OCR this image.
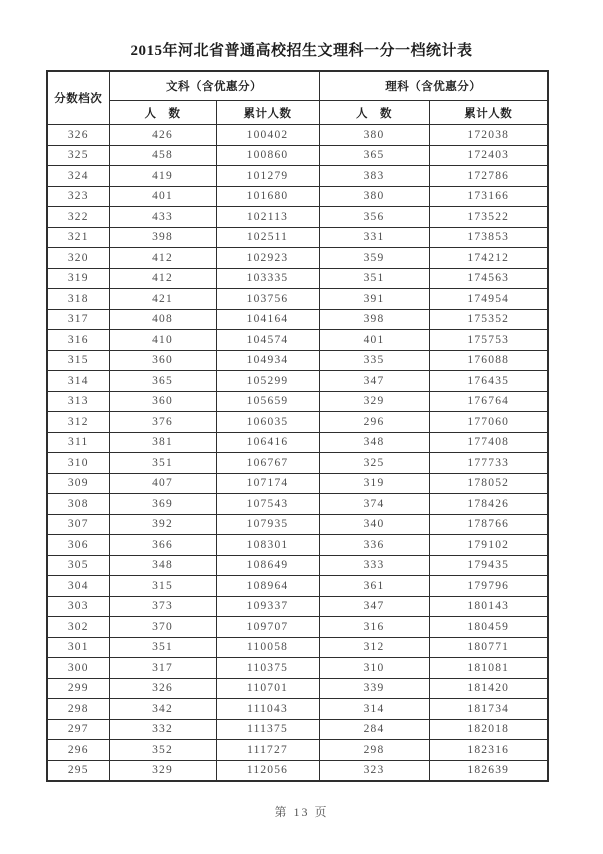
2015年河北省普通高校招生文理科一分一档统计表
分数档次	文科（含优惠分）		理科（含优惠分）	
	人　数	累计人数	人　数	累计人数
326	426	100402	380	172038
325	458	100860	365	172403
324	419	101279	383	172786
323	401	101680	380	173166
322	433	102113	356	173522
321	398	102511	331	173853
320	412	102923	359	174212
319	412	103335	351	174563
318	421	103756	391	174954
317	408	104164	398	175352
316	410	104574	401	175753
315	360	104934	335	176088
314	365	105299	347	176435
313	360	105659	329	176764
312	376	106035	296	177060
311	381	106416	348	177408
310	351	106767	325	177733
309	407	107174	319	178052
308	369	107543	374	178426
307	392	107935	340	178766
306	366	108301	336	179102
305	348	108649	333	179435
304	315	108964	361	179796
303	373	109337	347	180143
302	370	109707	316	180459
301	351	110058	312	180771
300	317	110375	310	181081
299	326	110701	339	181420
298	342	111043	314	181734
297	332	111375	284	182018
296	352	111727	298	182316
295	329	112056	323	182639
第 13 页
